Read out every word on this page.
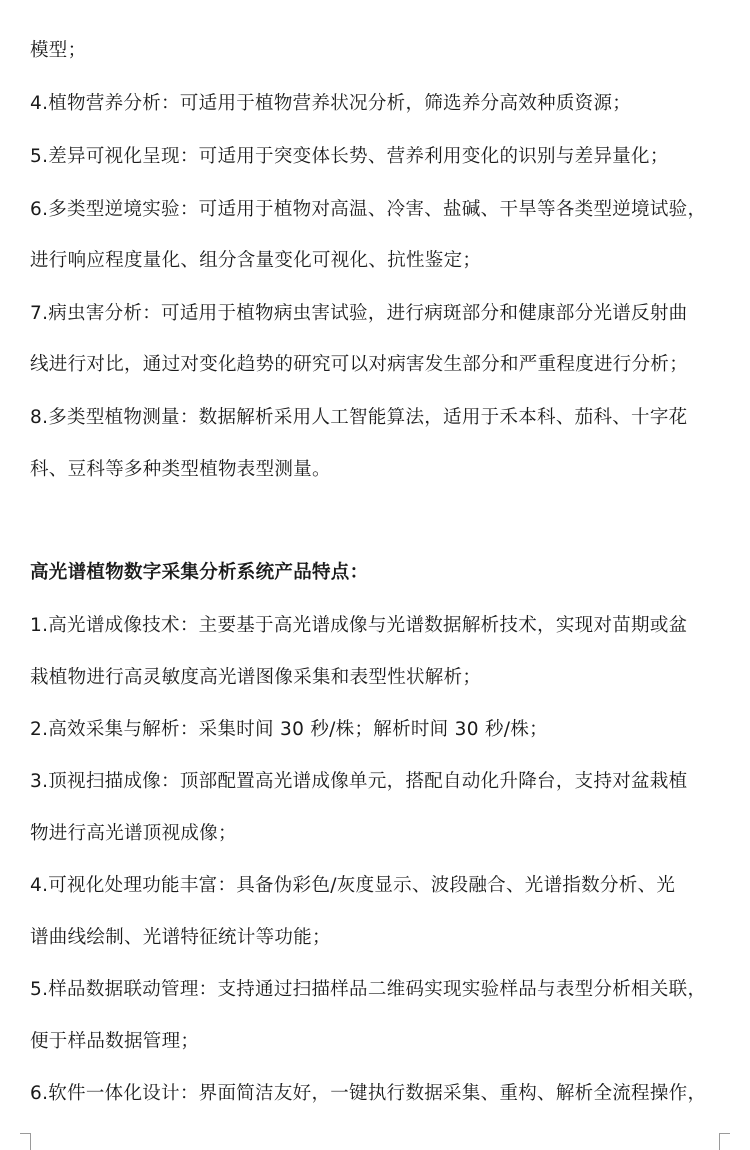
模型；
4.植物营养分析：可适用于植物营养状况分析，筛选养分高效种质资源；
5.差异可视化呈现：可适用于突变体长势、营养利用变化的识别与差异量化；
6.多类型逆境实验：可适用于植物对高温、冷害、盐碱、干旱等各类型逆境试验，
进行响应程度量化、组分含量变化可视化、抗性鉴定；
7.病虫害分析：可适用于植物病虫害试验，进行病斑部分和健康部分光谱反射曲
线进行对比，通过对变化趋势的研究可以对病害发生部分和严重程度进行分析；
8.多类型植物测量：数据解析采用人工智能算法，适用于禾本科、茄科、十字花
科、豆科等多种类型植物表型测量。
高光谱植物数字采集分析系统产品特点：
1.高光谱成像技术：主要基于高光谱成像与光谱数据解析技术，实现对苗期或盆
栽植物进行高灵敏度高光谱图像采集和表型性状解析；
2.高效采集与解析：采集时间 30 秒/株；解析时间 30 秒/株；
3.顶视扫描成像：顶部配置高光谱成像单元，搭配自动化升降台，支持对盆栽植
物进行高光谱顶视成像；
4.可视化处理功能丰富：具备伪彩色/灰度显示、波段融合、光谱指数分析、光
谱曲线绘制、光谱特征统计等功能；
5.样品数据联动管理：支持通过扫描样品二维码实现实验样品与表型分析相关联，
便于样品数据管理；
6.软件一体化设计：界面简洁友好，一键执行数据采集、重构、解析全流程操作，
